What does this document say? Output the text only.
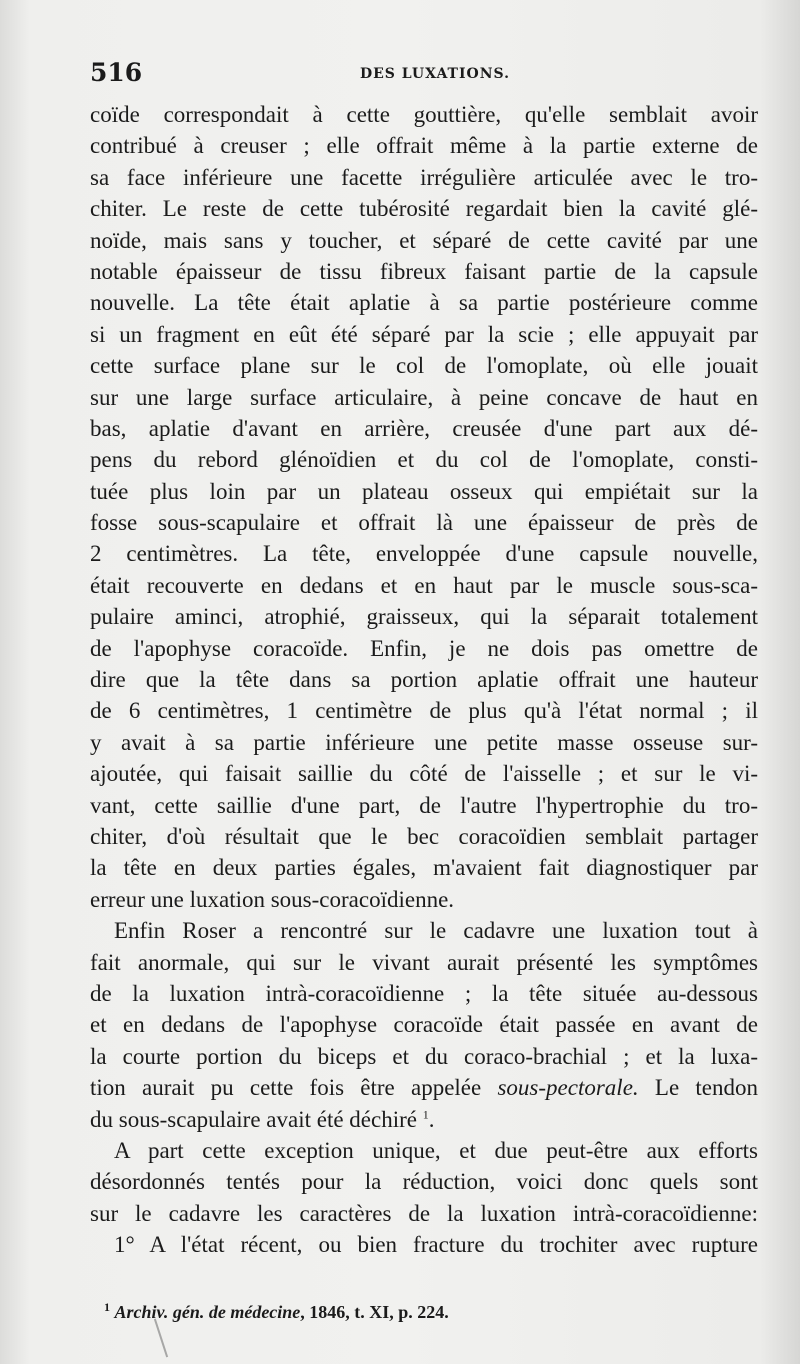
516	DES LUXATIONS.
coïde correspondait à cette gouttière, qu'elle semblait avoir
contribué à creuser ; elle offrait même à la partie externe de
sa face inférieure une facette irrégulière articulée avec le tro-
chiter. Le reste de cette tubérosité regardait bien la cavité glé-
noïde, mais sans y toucher, et séparé de cette cavité par une
notable épaisseur de tissu fibreux faisant partie de la capsule
nouvelle. La tête était aplatie à sa partie postérieure comme
si un fragment en eût été séparé par la scie ; elle appuyait par
cette surface plane sur le col de l'omoplate, où elle jouait
sur une large surface articulaire, à peine concave de haut en
bas, aplatie d'avant en arrière, creusée d'une part aux dé-
pens du rebord glénoïdien et du col de l'omoplate, consti-
tuée plus loin par un plateau osseux qui empiétait sur la
fosse sous-scapulaire et offrait là une épaisseur de près de
2 centimètres. La tête, enveloppée d'une capsule nouvelle,
était recouverte en dedans et en haut par le muscle sous-sca-
pulaire aminci, atrophié, graisseux, qui la séparait totalement
de l'apophyse coracoïde. Enfin, je ne dois pas omettre de
dire que la tête dans sa portion aplatie offrait une hauteur
de 6 centimètres, 1 centimètre de plus qu'à l'état normal ; il
y avait à sa partie inférieure une petite masse osseuse sur-
ajoutée, qui faisait saillie du côté de l'aisselle ; et sur le vi-
vant, cette saillie d'une part, de l'autre l'hypertrophie du tro-
chiter, d'où résultait que le bec coracoïdien semblait partager
la tête en deux parties égales, m'avaient fait diagnostiquer par
erreur une luxation sous-coracoïdienne.
Enfin Roser a rencontré sur le cadavre une luxation tout à
fait anormale, qui sur le vivant aurait présenté les symptômes
de la luxation intrà-coracoïdienne ; la tête située au-dessous
et en dedans de l'apophyse coracoïde était passée en avant de
la courte portion du biceps et du coraco-brachial ; et la luxa-
tion aurait pu cette fois être appelée sous-pectorale. Le tendon
du sous-scapulaire avait été déchiré $^1$.
A part cette exception unique, et due peut-être aux efforts
désordonnés tentés pour la réduction, voici donc quels sont
sur le cadavre les caractères de la luxation intrà-coracoïdienne:
1° A l'état récent, ou bien fracture du trochiter avec rupture
$^1$ Archiv. gén. de médecine, 1846, t. XI, p. 224.
